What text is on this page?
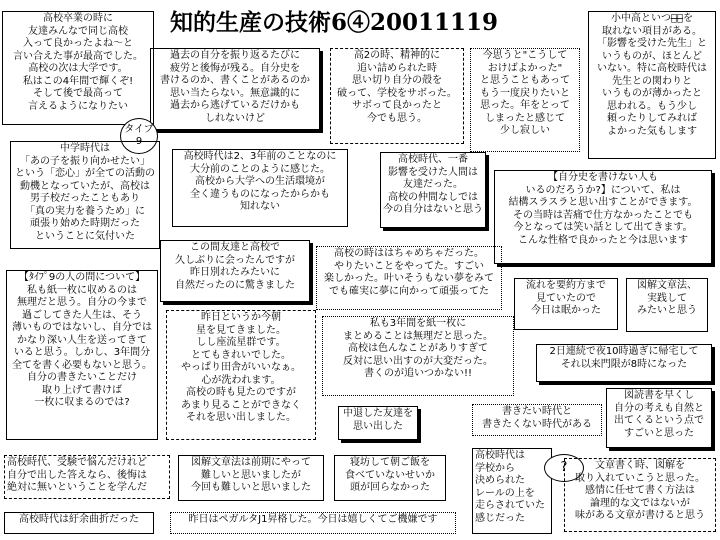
知的生産の技術6④20011119
高校卒業の時に
友達みんなで同じ高校
入って良かったよね～と
言い合えた事が最高でした。
高校の次は大学です。
私はこの4年間で輝くぞ!
そして後で最高って
言えるようになりたい
過去の自分を振り返るたびに
疲労と後悔が残る。自分史を
書けるのか、書くことがあるのか
思い当たらない。無意識的に
過去から逃げているだけかも
しれないけど
高2の時、精神的に
追い詰められた時
思い切り自分の殻を
破って、学校をサボった。
サボって良かったと
今でも思う。
今思うと"こうして
おけばよかった"
と思うこともあって
もう一度戻りたいと
思った。年をとって
しまったと感じて
少し寂しい
小中高といつも̶何̶を
取れない項目がある。
「影響を受けた先生」と
いうものが、ほとんど
いない。特に高校時代は
先生との関わりと
いうものが薄かったと
思われる。もう少し
頼ったりしてみれば
よかった気もします
タイプ
9
中学時代は
「あの子を振り向かせたい」
という「恋心」が全ての活動の
動機となっていたが、高校は
男子校だったこともあり
「真の実力を養うため」に
頑張り始めた時期だった
ということに気付いた
高校時代は2、3年前のことなのに
大分前のことのように感じた。
高校から大学への生活環境が
全く違うものになったからかも
知れない
高校時代、一番
影響を受けた人間は
友達だった。
高校の仲間なしでは
今の自分はないと思う
【自分史を書けない人も
いるのだろうか?】について、私は
結構スラスラと思い出すことができます。
その当時は苦痛で仕方なかったことでも
今となっては笑い話として出てきます。
こんな性格で良かったと今は思います
この間友達と高校で
久しぶりに会ったんですが
昨日別れたみたいに
自然だったのに驚きました
高校の時ははちゃめちゃだった。
やりたいことをやってた。すごい
楽しかった。叶いそうもない夢をみて
でも確実に夢に向かって頑張ってた	流れを要約方まで
見ていたので
今日は眠かった
図解文章法、
実践して
みたいと思う
【ﾀｲﾌﾟ9の人の問について】
私も紙一枚に収めるのは
無理だと思う。自分の今まで
過ごしてきた人生は、そう
薄いものではないし、自分では
かなり深い人生を送ってきて
いると思う。しかし、3年間分
全てを書く必要もないと思う。
自分の書きたいことだけ
取り上げて書けば
一枚に収まるのでは?
昨日というか今朝
星を見てきました。
しし座流星群です。
とてもきれいでした。
やっぱり田舎がいいなぁ。
心が洗われます。
高校の時も見たのですが
あまり見ることができなく
それを思い出しました。
私も3年間を紙一枚に
まとめることは無理だと思った。
高校は色んなことがありすぎて
反対に思い出すのが大変だった。
書くのが追いつかない!!
2日連続で夜10時過ぎに帰宅して
それ以来門限が8時になった
中退した友達を
思い出した
図読書を早くし
自分の考えも自然と
出てくるという点で
すごいと思った
書きたい時代と
書きたくない時代がある
高校時代、受験で悩んだけれど
自分で出した答えなら、後悔は
絶対に無いということを学んだ
図解文章法は前期にやって
難しいと思いましたが
今回も難しいと思いました
寝坊して朝ご飯を
食べていないせいか
頭が回らなかった
高校時代は
学校から
決められた
レールの上を
走らされていた
感じだった
?	文章書く時、図解を
取り入れていこうと思った。
感情に任せて書く方法は
論理的な文ではないが
味がある文章が書けると思う
高校時代は紆余曲折だった	昨日はペガルタJ1昇格した。今日は嬉しくてご機嫌です
